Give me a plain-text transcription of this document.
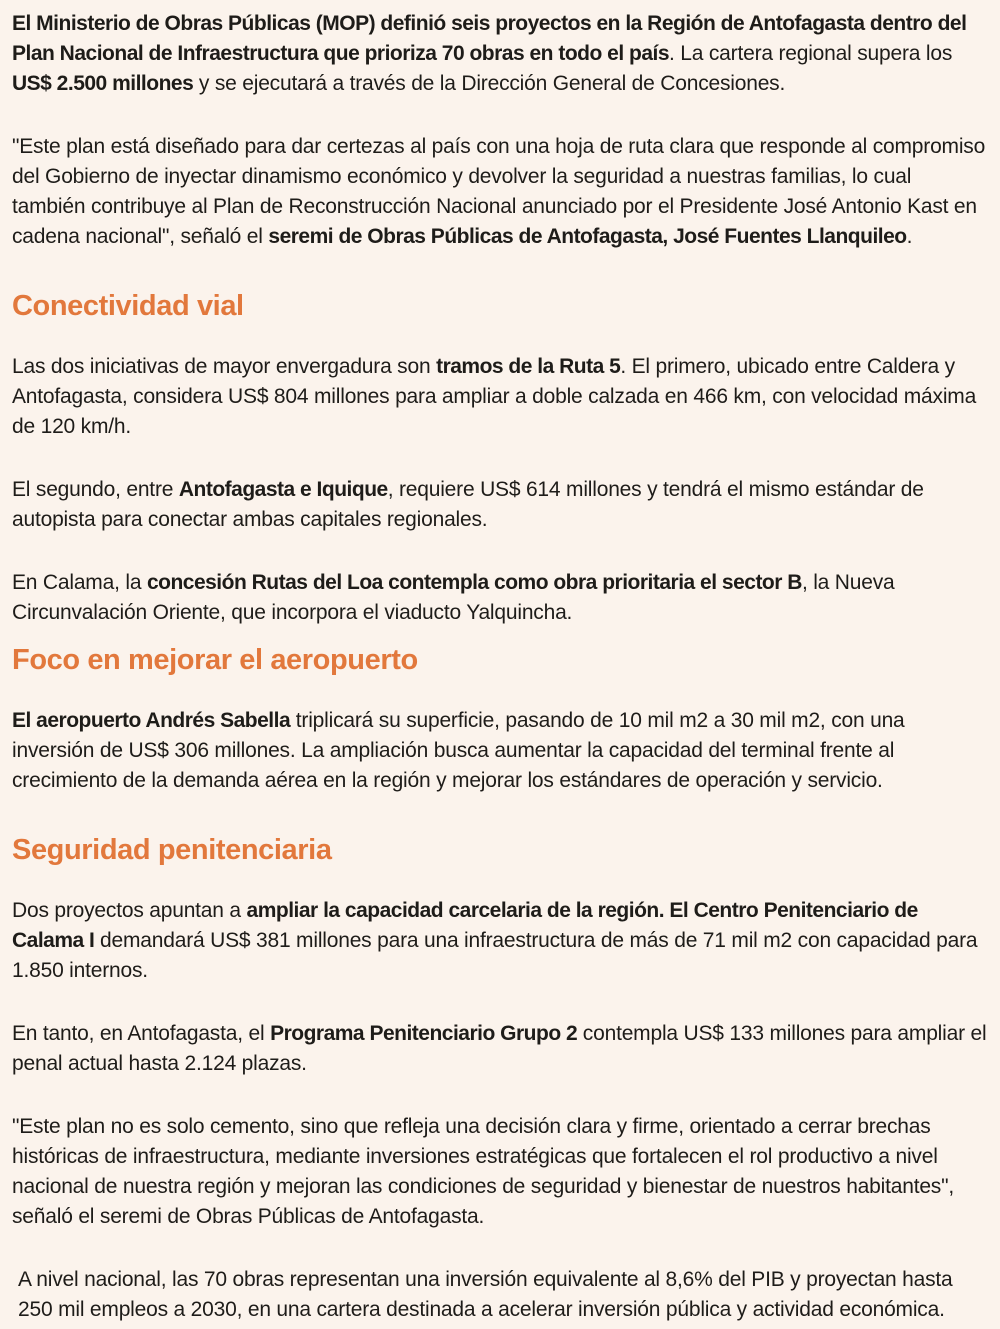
El Ministerio de Obras Públicas (MOP) definió seis proyectos en la Región de Antofagasta dentro del Plan Nacional de Infraestructura que prioriza 70 obras en todo el país. La cartera regional supera los US$ 2.500 millones y se ejecutará a través de la Dirección General de Concesiones.

"Este plan está diseñado para dar certezas al país con una hoja de ruta clara que responde al compromiso del Gobierno de inyectar dinamismo económico y devolver la seguridad a nuestras familias, lo cual también contribuye al Plan de Reconstrucción Nacional anunciado por el Presidente José Antonio Kast en cadena nacional", señaló el seremi de Obras Públicas de Antofagasta, José Fuentes Llanquileo.

Conectividad vial

Las dos iniciativas de mayor envergadura son tramos de la Ruta 5. El primero, ubicado entre Caldera y Antofagasta, considera US$ 804 millones para ampliar a doble calzada en 466 km, con velocidad máxima de 120 km/h.

El segundo, entre Antofagasta e Iquique, requiere US$ 614 millones y tendrá el mismo estándar de autopista para conectar ambas capitales regionales.

En Calama, la concesión Rutas del Loa contempla como obra prioritaria el sector B, la Nueva Circunvalación Oriente, que incorpora el viaducto Yalquincha.

Foco en mejorar el aeropuerto

El aeropuerto Andrés Sabella triplicará su superficie, pasando de 10 mil m2 a 30 mil m2, con una inversión de US$ 306 millones. La ampliación busca aumentar la capacidad del terminal frente al crecimiento de la demanda aérea en la región y mejorar los estándares de operación y servicio.

Seguridad penitenciaria

Dos proyectos apuntan a ampliar la capacidad carcelaria de la región. El Centro Penitenciario de Calama I demandará US$ 381 millones para una infraestructura de más de 71 mil m2 con capacidad para 1.850 internos.

En tanto, en Antofagasta, el Programa Penitenciario Grupo 2 contempla US$ 133 millones para ampliar el penal actual hasta 2.124 plazas.

"Este plan no es solo cemento, sino que refleja una decisión clara y firme, orientado a cerrar brechas históricas de infraestructura, mediante inversiones estratégicas que fortalecen el rol productivo a nivel nacional de nuestra región y mejoran las condiciones de seguridad y bienestar de nuestros habitantes", señaló el seremi de Obras Públicas de Antofagasta.

A nivel nacional, las 70 obras representan una inversión equivalente al 8,6% del PIB y proyectan hasta 250 mil empleos a 2030, en una cartera destinada a acelerar inversión pública y actividad económica.
